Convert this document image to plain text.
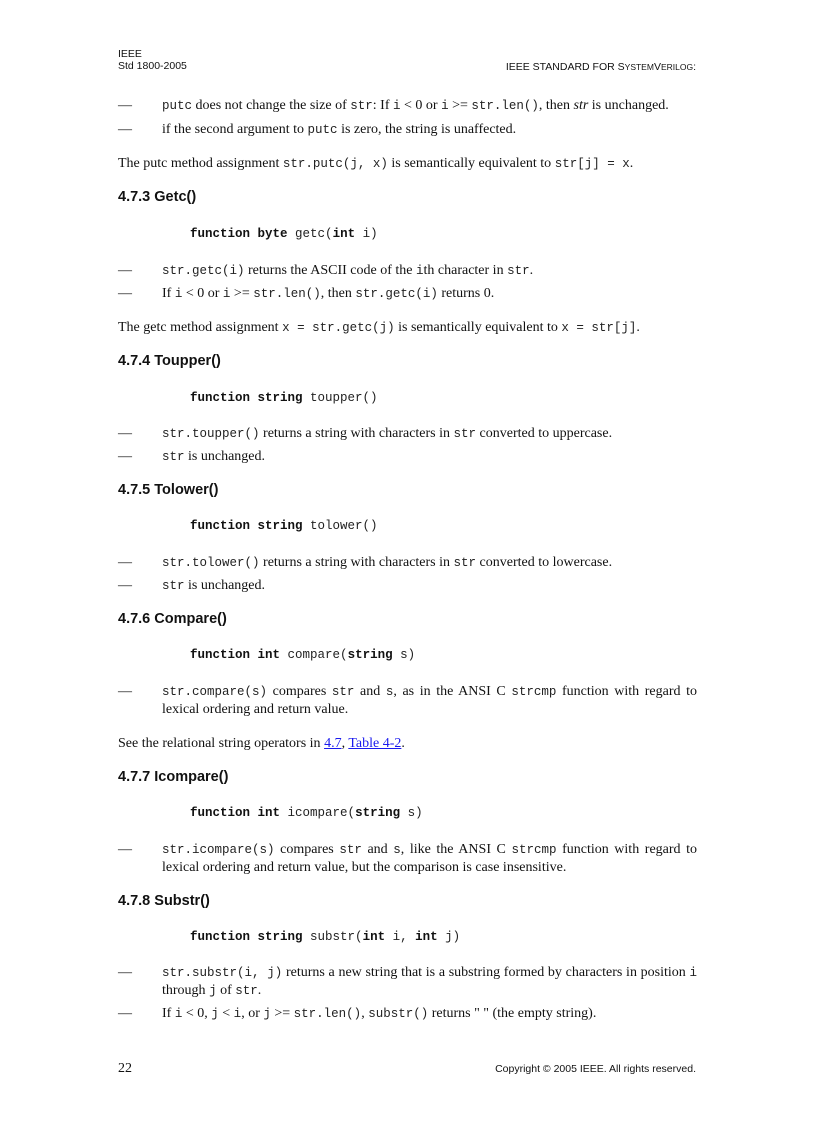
IEEE
Std 1800-2005	IEEE STANDARD FOR SYSTEMVERILOG:
— putc does not change the size of str: If i < 0 or i >= str.len(), then str is unchanged.
— if the second argument to putc is zero, the string is unaffected.
The putc method assignment str.putc(j, x) is semantically equivalent to str[j] = x.
4.7.3 Getc()
function byte getc(int i)
— str.getc(i) returns the ASCII code of the ith character in str.
— If i < 0 or i >= str.len(), then str.getc(i) returns 0.
The getc method assignment x = str.getc(j) is semantically equivalent to x = str[j].
4.7.4 Toupper()
function string toupper()
— str.toupper() returns a string with characters in str converted to uppercase.
— str is unchanged.
4.7.5 Tolower()
function string tolower()
— str.tolower() returns a string with characters in str converted to lowercase.
— str is unchanged.
4.7.6 Compare()
function int compare(string s)
— str.compare(s) compares str and s, as in the ANSI C strcmp function with regard to lexical ordering and return value.
See the relational string operators in 4.7, Table 4-2.
4.7.7 Icompare()
function int icompare(string s)
— str.icompare(s) compares str and s, like the ANSI C strcmp function with regard to lexical ordering and return value, but the comparison is case insensitive.
4.7.8 Substr()
function string substr(int i, int j)
— str.substr(i, j) returns a new string that is a substring formed by characters in position i through j of str.
— If i < 0, j < i, or j >= str.len(), substr() returns " " (the empty string).
22	Copyright © 2005 IEEE. All rights reserved.
